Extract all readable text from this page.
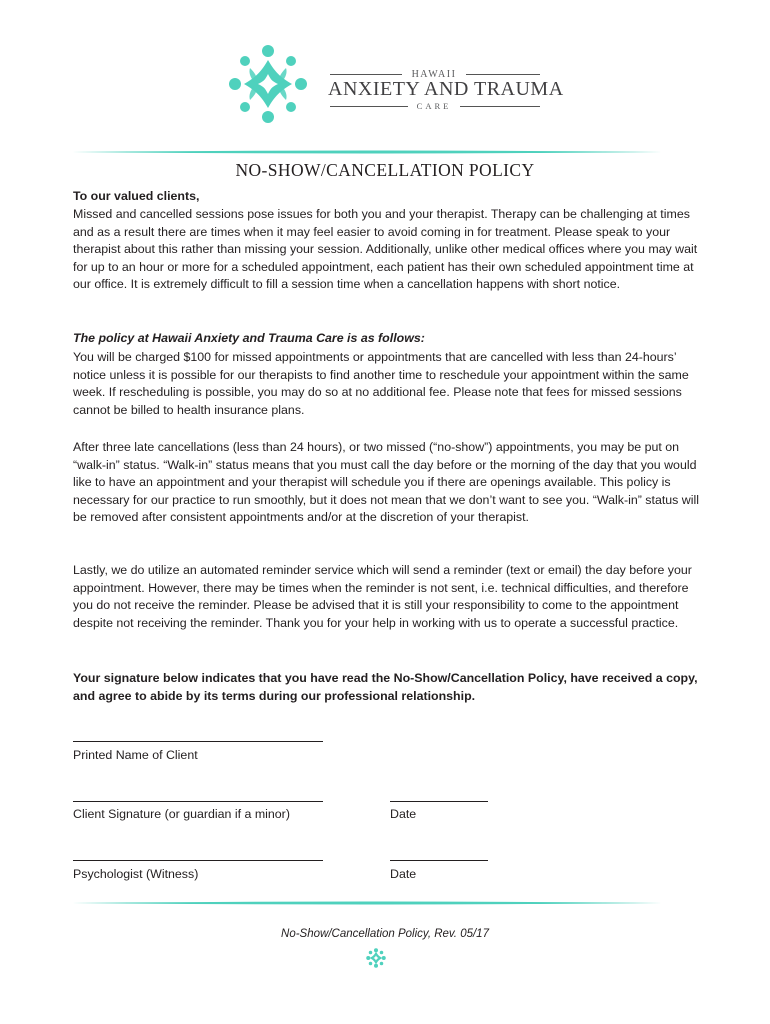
HAWAII
ANXIETY AND TRAUMA
CARE
NO-SHOW/CANCELLATION POLICY
To our valued clients,
Missed and cancelled sessions pose issues for both you and your therapist. Therapy can be challenging at times and as a result there are times when it may feel easier to avoid coming in for treatment. Please speak to your therapist about this rather than missing your session. Additionally, unlike other medical offices where you may wait for up to an hour or more for a scheduled appointment, each patient has their own scheduled appointment time at our office. It is extremely difficult to fill a session time when a cancellation happens with short notice.
The policy at Hawaii Anxiety and Trauma Care is as follows:
You will be charged $100 for missed appointments or appointments that are cancelled with less than 24-hours’ notice unless it is possible for our therapists to find another time to reschedule your appointment within the same week. If rescheduling is possible, you may do so at no additional fee. Please note that fees for missed sessions cannot be billed to health insurance plans.
After three late cancellations (less than 24 hours), or two missed (“no-show”) appointments, you may be put on “walk-in” status. “Walk-in” status means that you must call the day before or the morning of the day that you would like to have an appointment and your therapist will schedule you if there are openings available. This policy is necessary for our practice to run smoothly, but it does not mean that we don’t want to see you. “Walk-in” status will be removed after consistent appointments and/or at the discretion of your therapist.
Lastly, we do utilize an automated reminder service which will send a reminder (text or email) the day before your appointment. However, there may be times when the reminder is not sent, i.e. technical difficulties, and therefore you do not receive the reminder. Please be advised that it is still your responsibility to come to the appointment despite not receiving the reminder. Thank you for your help in working with us to operate a successful practice.
Your signature below indicates that you have read the No-Show/Cancellation Policy, have received a copy, and agree to abide by its terms during our professional relationship.
Printed Name of Client
Client Signature (or guardian if a minor)	Date
Psychologist (Witness)	Date
No-Show/Cancellation Policy, Rev. 05/17
